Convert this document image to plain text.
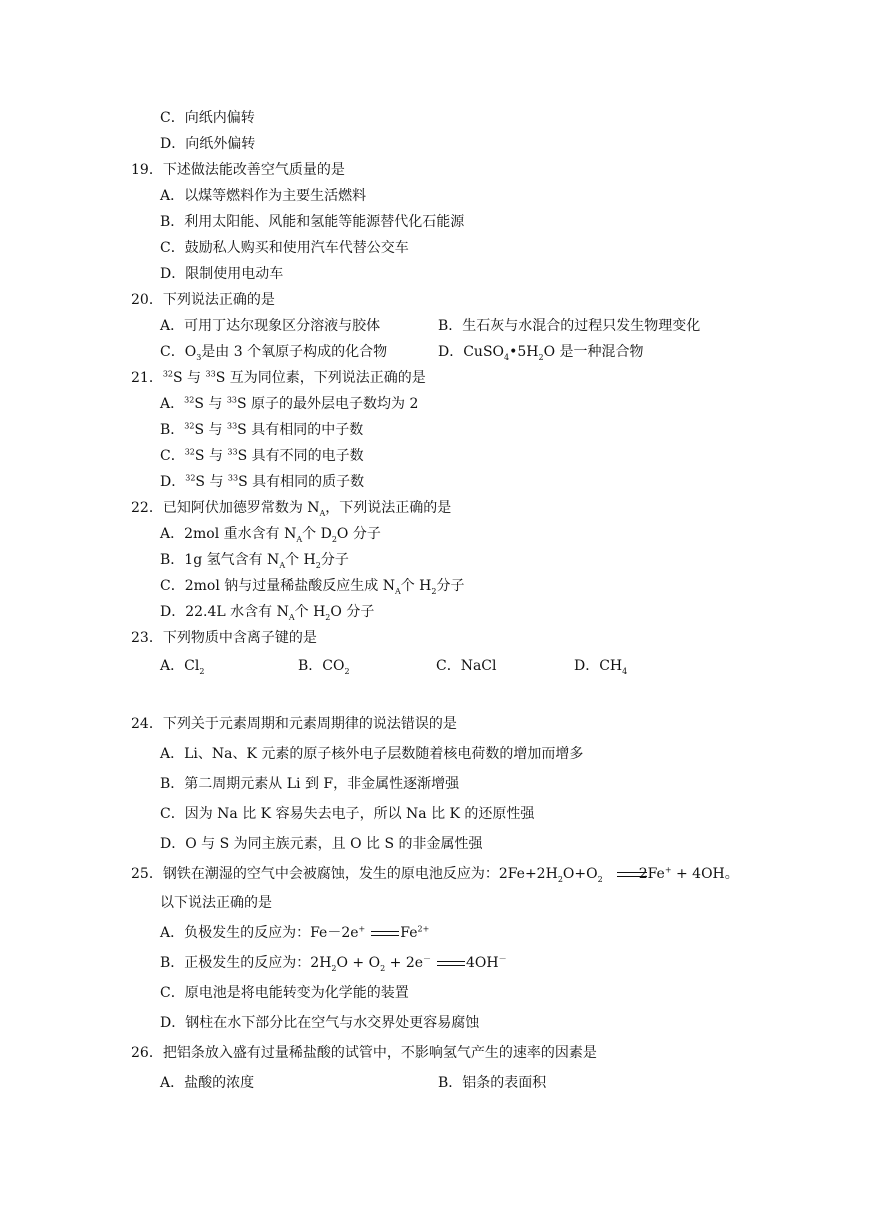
C．向纸内偏转
D．向纸外偏转
19．下述做法能改善空气质量的是
A．以煤等燃料作为主要生活燃料
B．利用太阳能、风能和氢能等能源替代化石能源
C．鼓励私人购买和使用汽车代替公交车
D．限制使用电动车
20．下列说法正确的是
A．可用丁达尔现象区分溶液与胶体	B．生石灰与水混合的过程只发生物理变化
C．$O_3$是由 3 个氧原子构成的化合物	D．$CuSO_4•5H_2O$ 是一种混合物
21．$^{32}$S 与 $^{33}$S 互为同位素，下列说法正确的是
A．$^{32}$S 与 $^{33}$S 原子的最外层电子数均为 2
B．$^{32}$S 与 $^{33}$S 具有相同的中子数
C．$^{32}$S 与 $^{33}$S 具有不同的电子数
D．$^{32}$S 与 $^{33}$S 具有相同的质子数
22．已知阿伏加德罗常数为 $N_A$，下列说法正确的是
A．2mol 重水含有 $N_A$个 $D_2O$ 分子
B．1g 氢气含有 $N_A$个 $H_2$分子
C．2mol 钠与过量稀盐酸反应生成 $N_A$个 $H_2$分子
D．22.4L 水含有 $N_A$个 $H_2O$ 分子
23．下列物质中含离子键的是
A．$Cl_2$	B．$CO_2$	C．NaCl	D．$CH_4$
24．下列关于元素周期和元素周期律的说法错误的是
A．Li、Na、K 元素的原子核外电子层数随着核电荷数的增加而增多
B．第二周期元素从 Li 到 F，非金属性逐渐增强
C．因为 Na 比 K 容易失去电子，所以 Na 比 K 的还原性强
D．O 与 S 为同主族元素，且 O 比 S 的非金属性强
25．钢铁在潮湿的空气中会被腐蚀，发生的原电池反应为：$2Fe+2H_2O+O_2$	2Fe+ + 4OH。
以下说法正确的是
A．负极发生的反应为：Fe－2e+	$Fe^{2+}$
B．正极发生的反应为：$2H_2O + O_2 + 2e^-$	4OH－
C．原电池是将电能转变为化学能的装置
D．钢柱在水下部分比在空气与水交界处更容易腐蚀
26．把铝条放入盛有过量稀盐酸的试管中，不影响氢气产生的速率的因素是
A．盐酸的浓度	B．铝条的表面积
